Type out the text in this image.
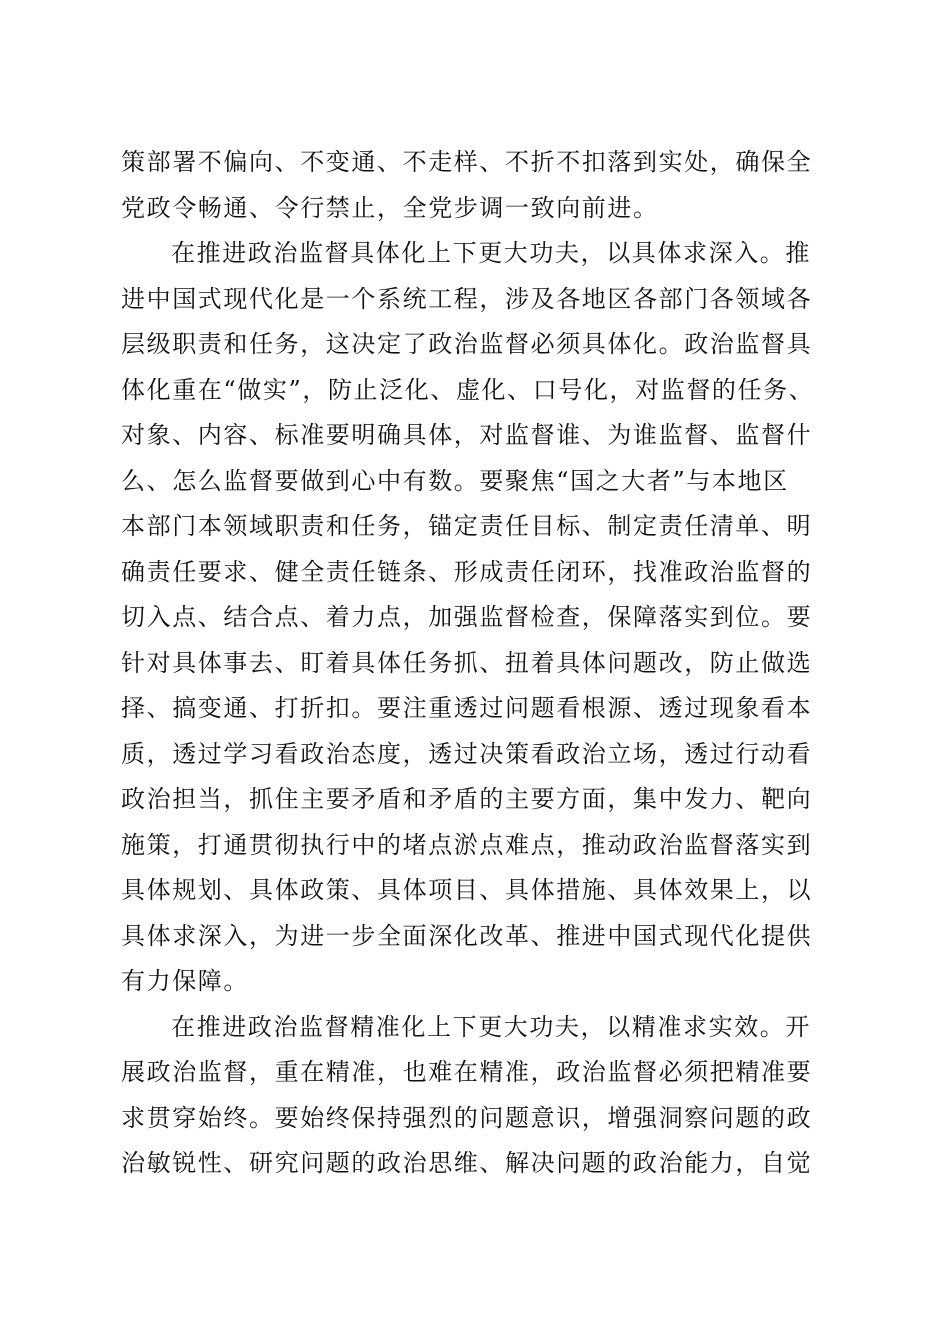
策部署不偏向、不变通、不走样、不折不扣落到实处，确保全
党政令畅通、令行禁止，全党步调一致向前进。
在推进政治监督具体化上下更大功夫，以具体求深入。推
进中国式现代化是一个系统工程，涉及各地区各部门各领域各
层级职责和任务，这决定了政治监督必须具体化。政治监督具
体化重在“做实”，防止泛化、虚化、口号化，对监督的任务、
对象、内容、标准要明确具体，对监督谁、为谁监督、监督什
么、怎么监督要做到心中有数。要聚焦“国之大者”与本地区
本部门本领域职责和任务，锚定责任目标、制定责任清单、明
确责任要求、健全责任链条、形成责任闭环，找准政治监督的
切入点、结合点、着力点，加强监督检查，保障落实到位。要
针对具体事去、盯着具体任务抓、扭着具体问题改，防止做选
择、搞变通、打折扣。要注重透过问题看根源、透过现象看本
质，透过学习看政治态度，透过决策看政治立场，透过行动看
政治担当，抓住主要矛盾和矛盾的主要方面，集中发力、靶向
施策，打通贯彻执行中的堵点淤点难点，推动政治监督落实到
具体规划、具体政策、具体项目、具体措施、具体效果上，以
具体求深入，为进一步全面深化改革、推进中国式现代化提供
有力保障。
在推进政治监督精准化上下更大功夫，以精准求实效。开
展政治监督，重在精准，也难在精准，政治监督必须把精准要
求贯穿始终。要始终保持强烈的问题意识，增强洞察问题的政
治敏锐性、研究问题的政治思维、解决问题的政治能力，自觉
